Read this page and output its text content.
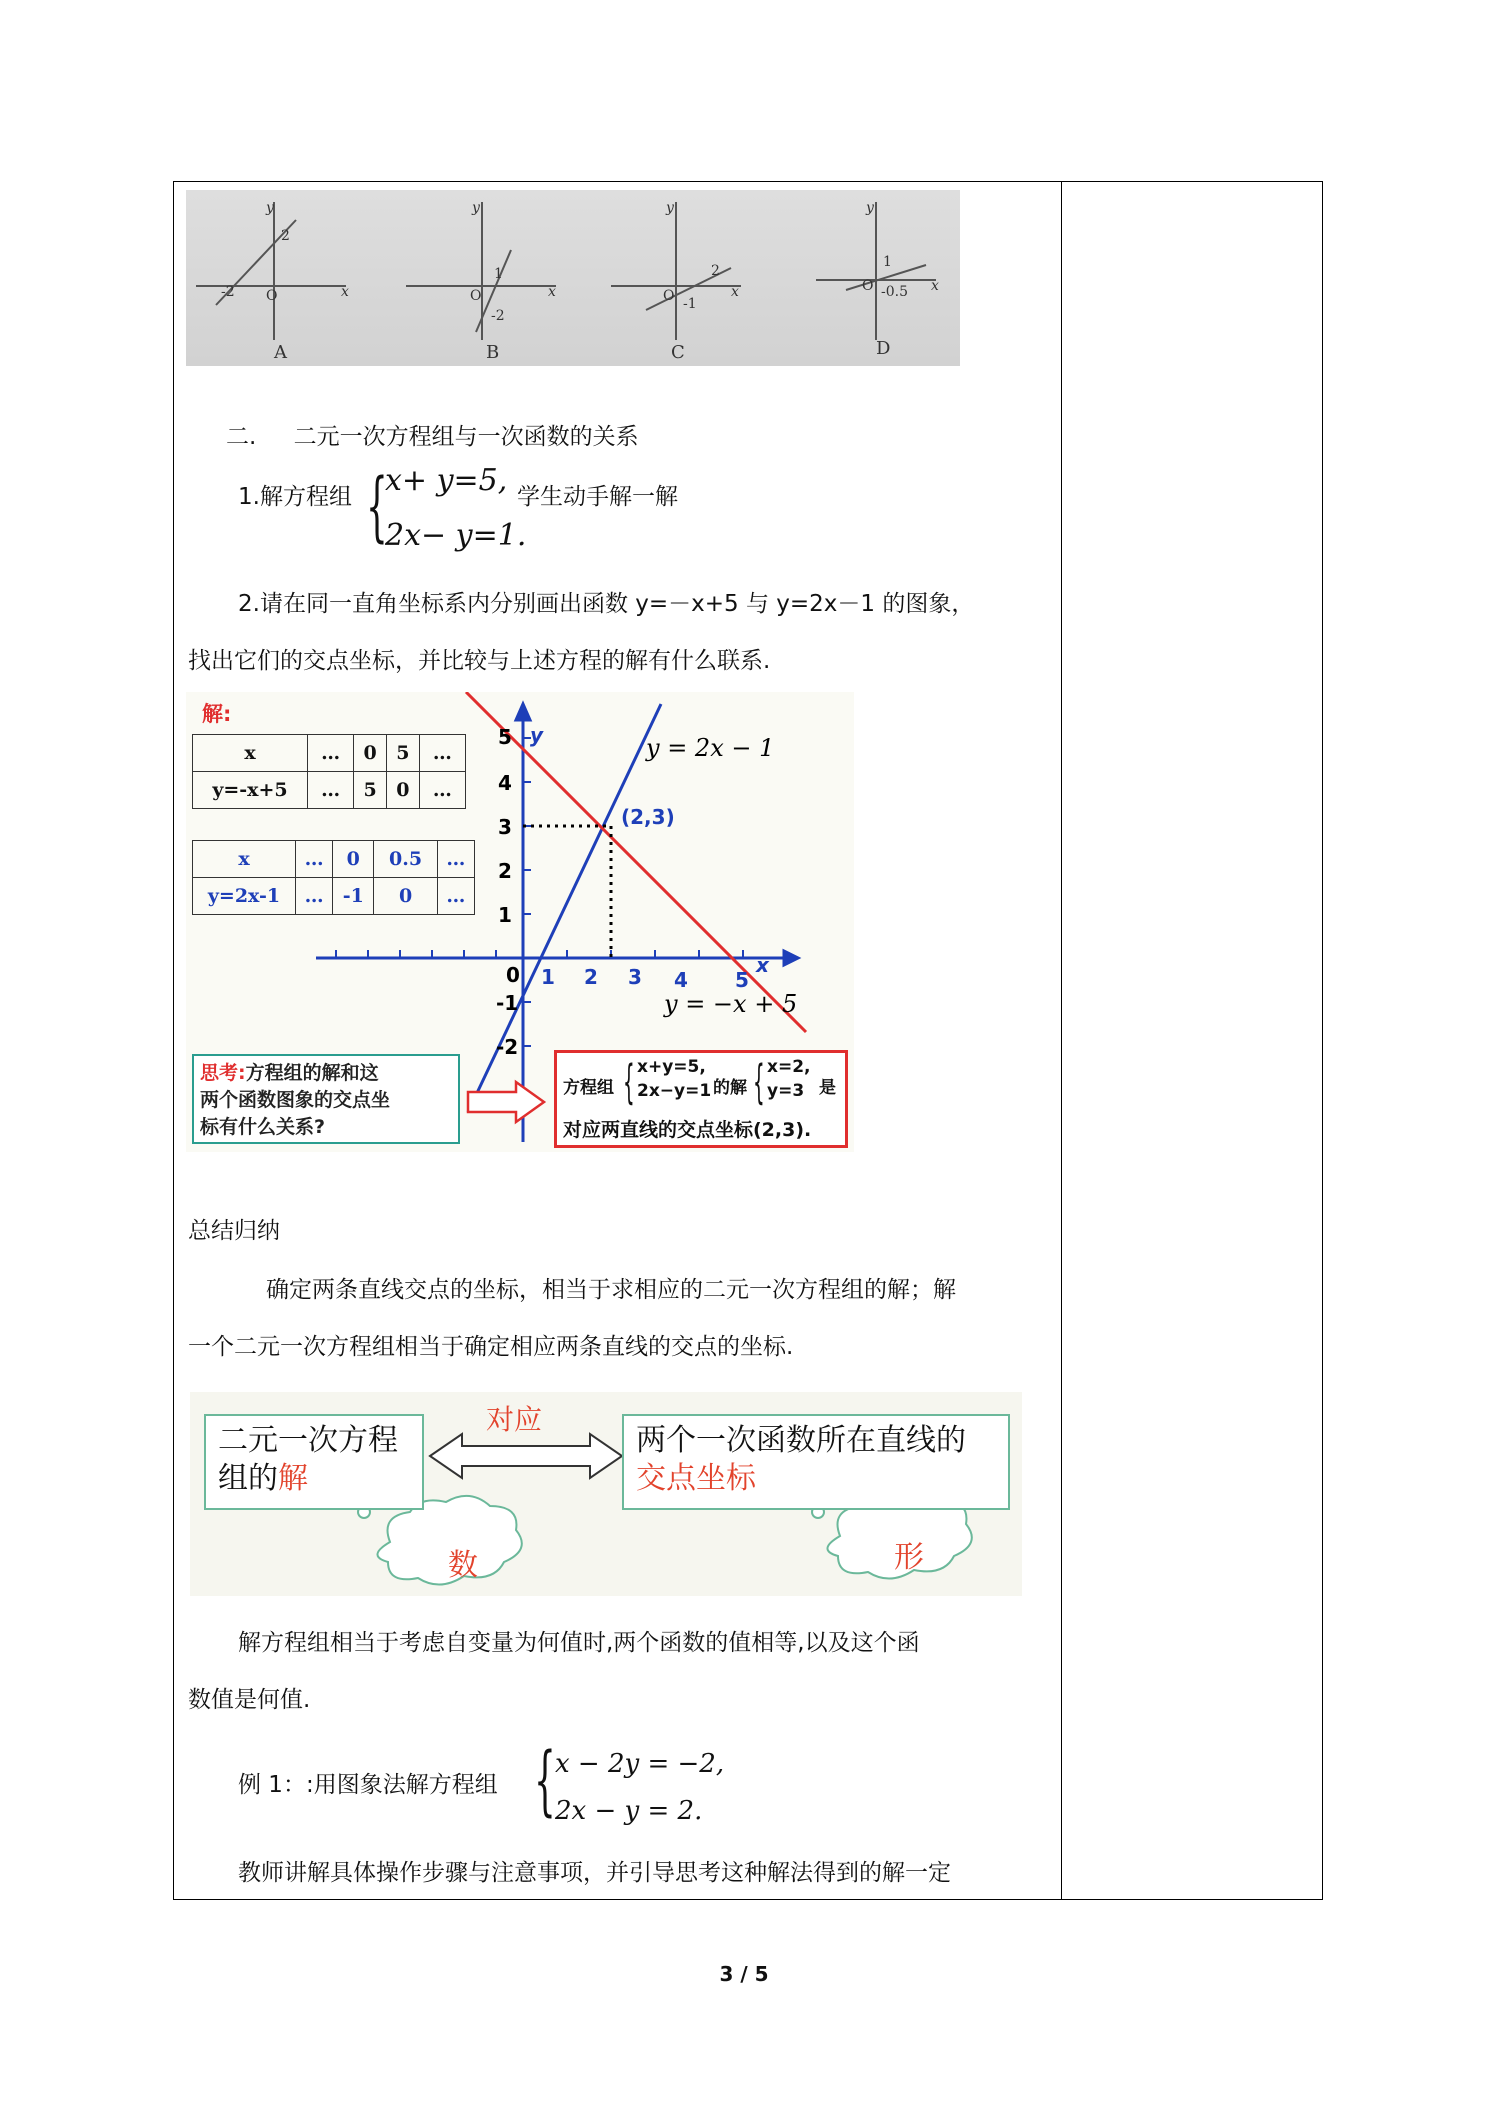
y
2
-2 O	x
y
1
-2
O	x
y
2
-1
O	x
y
1
-0.5
O	x
A	B	C	D
二. 二元一次方程组与一次函数的关系
1.解方程组 {
x+ y=5,
2x− y=1.
学生动手解一解
2.请在同一直角坐标系内分别画出函数 y=－x+5 与 y=2x－1 的图象，
找出它们的交点坐标，并比较与上述方程的解有什么联系.
1 2 3 4 5
x
y
0
(2,3)
5
4
3
2
1
-1
-2
y = 2x − 1
y = −x + 5
解:
x	…	0	5	…
y=-x+5	…	5	0	…
x	…	0	0.5	…
y=2x-1	…	-1	0	…
思考:方程组的解和这
两个函数图象的交点坐
标有什么关系?
方程组 { x+y=5,
2x−y=1 的解 { x=2,
y=3 是
对应两直线的交点坐标(2,3).
总结归纳
确定两条直线交点的坐标，相当于求相应的二元一次方程组的解；解
一个二元一次方程组相当于确定相应两条直线的交点的坐标.
对应
二元一次方程
组的解
两个一次函数所在直线的
交点坐标
数	形
解方程组相当于考虑自变量为何值时,两个函数的值相等,以及这个函
数值是何值.
例 1：:用图象法解方程组 { x − 2y = −2,
2x − y = 2.
教师讲解具体操作步骤与注意事项，并引导思考这种解法得到的解一定
3 / 5
